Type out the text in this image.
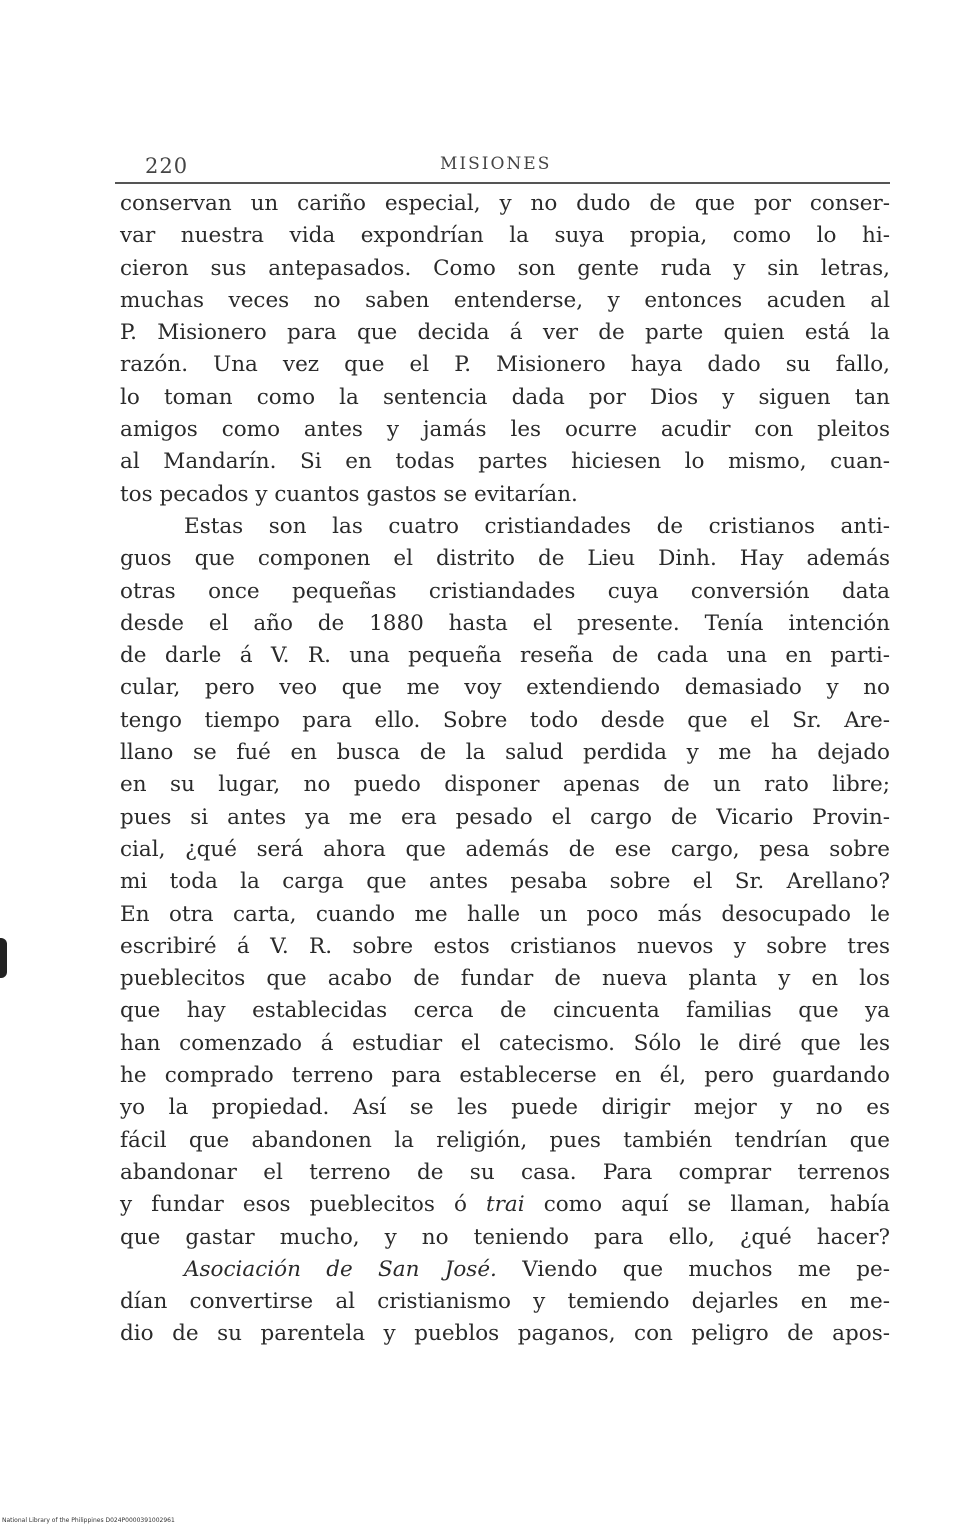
220	MISIONES
conservan un cariño especial, y no dudo de que por conser-
var nuestra vida expondrían la suya propia, como lo hi-
cieron sus antepasados. Como son gente ruda y sin letras,
muchas veces no saben entenderse, y entonces acuden al
P. Misionero para que decida á ver de parte quien está la
razón. Una vez que el P. Misionero haya dado su fallo,
lo toman como la sentencia dada por Dios y siguen tan
amigos como antes y jamás les ocurre acudir con pleitos
al Mandarín. Si en todas partes hiciesen lo mismo, cuan-
tos pecados y cuantos gastos se evitarían.
Estas son las cuatro cristiandades de cristianos anti-
guos que componen el distrito de Lieu Dinh. Hay además
otras once pequeñas cristiandades cuya conversión data
desde el año de 1880 hasta el presente. Tenía intención
de darle á V. R. una pequeña reseña de cada una en parti-
cular, pero veo que me voy extendiendo demasiado y no
tengo tiempo para ello. Sobre todo desde que el Sr. Are-
llano se fué en busca de la salud perdida y me ha dejado
en su lugar, no puedo disponer apenas de un rato libre;
pues si antes ya me era pesado el cargo de Vicario Provin-
cial, ¿qué será ahora que además de ese cargo, pesa sobre
mi toda la carga que antes pesaba sobre el Sr. Arellano?
En otra carta, cuando me halle un poco más desocupado le
escribiré á V. R. sobre estos cristianos nuevos y sobre tres
pueblecitos que acabo de fundar de nueva planta y en los
que hay establecidas cerca de cincuenta familias que ya
han comenzado á estudiar el catecismo. Sólo le diré que les
he comprado terreno para establecerse en él, pero guardando
yo la propiedad. Así se les puede dirigir mejor y no es
fácil que abandonen la religión, pues también tendrían que
abandonar el terreno de su casa. Para comprar terrenos
y fundar esos pueblecitos ó trai como aquí se llaman, había
que gastar mucho, y no teniendo para ello, ¿qué hacer?
Asociación de San José. Viendo que muchos me pe-
dían convertirse al cristianismo y temiendo dejarles en me-
dio de su parentela y pueblos paganos, con peligro de apos-
National Library of the Philippines D024P0000391002961
